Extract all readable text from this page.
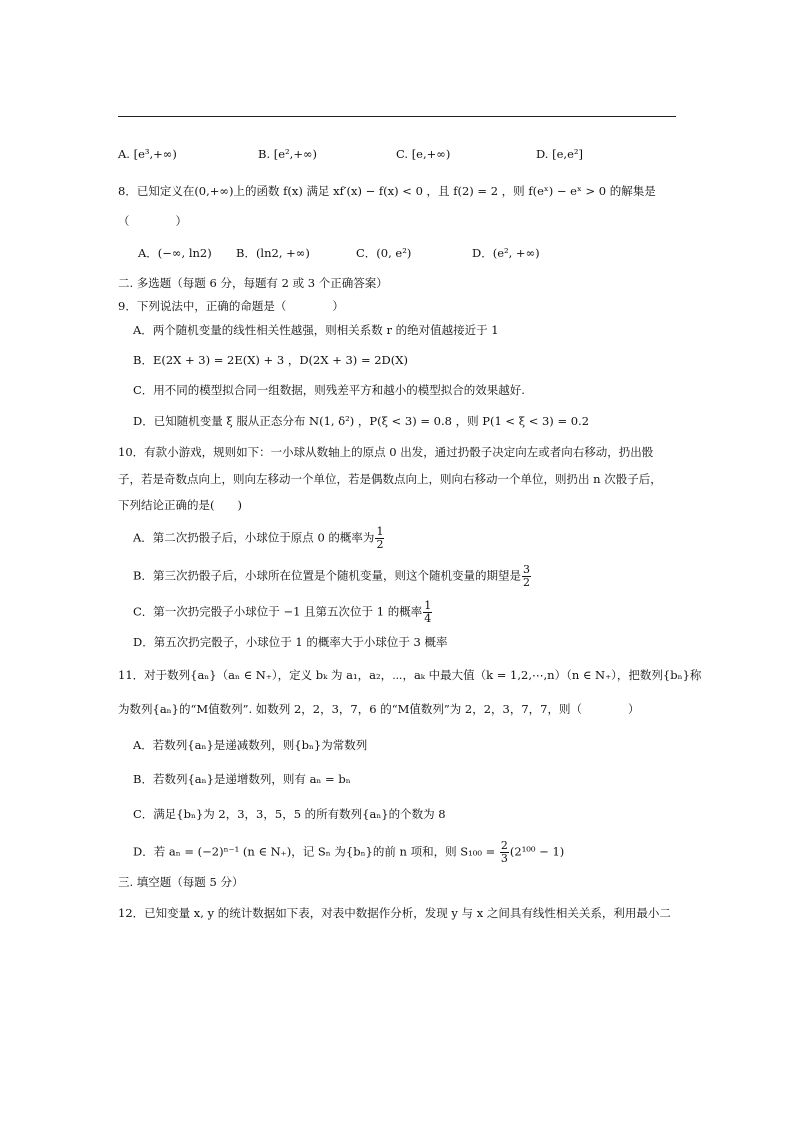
A. [e³,+∞)	B. [e²,+∞)	C. [e,+∞)	D. [e,e²]
8．已知定义在(0,+∞)上的函数 f(x) 满足 xf′(x) − f(x) < 0 ，且 f(2) = 2 ，则 f(eˣ) − eˣ > 0 的解集是
（　　　　）
A．(−∞, ln2) B．(ln2, +∞)	C．(0, e²)	D．(e², +∞)
二. 多选题（每题 6 分，每题有 2 或 3 个正确答案）
9．下列说法中，正确的命题是（　　　　）
A．两个随机变量的线性相关性越强，则相关系数 r 的绝对值越接近于 1
B．E(2X + 3) = 2E(X) + 3 ，D(2X + 3) = 2D(X)
C．用不同的模型拟合同一组数据，则残差平方和越小的模型拟合的效果越好.
D．已知随机变量 ξ 服从正态分布 N(1, δ²) ，P(ξ < 3) = 0.8 ，则 P(1 < ξ < 3) = 0.2
10．有款小游戏，规则如下：一小球从数轴上的原点 0 出发，通过扔骰子决定向左或者向右移动，扔出骰
子，若是奇数点向上，则向左移动一个单位，若是偶数点向上，则向右移动一个单位，则扔出 n 次骰子后，
下列结论正确的是(　　)
A．第二次扔骰子后，小球位于原点 0 的概率为 $\frac{1}{2}$
B．第三次扔骰子后，小球所在位置是个随机变量，则这个随机变量的期望是 $\frac{3}{2}$
C．第一次扔完骰子小球位于 −1 且第五次位于 1 的概率 $\frac{1}{4}$
D．第五次扔完骰子，小球位于 1 的概率大于小球位于 3 概率
11．对于数列{aₙ}（aₙ ∈ N₊），定义 bₖ 为 a₁，a₂，⋯，aₖ 中最大值（k = 1,2,⋯,n）（n ∈ N₊），把数列{bₙ}称
为数列{aₙ}的“M值数列”. 如数列 2，2，3，7，6 的“M值数列”为 2，2，3，7，7，则（　　　　）
A．若数列{aₙ}是递减数列，则{bₙ}为常数列
B．若数列{aₙ}是递增数列，则有 aₙ = bₙ
C．满足{bₙ}为 2，3，3，5，5 的所有数列{aₙ}的个数为 8
D．若 aₙ = (−2)ⁿ⁻¹ (n ∈ N₊)，记 Sₙ 为{bₙ}的前 n 项和，则 $S_{100} = \frac{2}{3} (2^{100} - 1)$
三. 填空题（每题 5 分）
12．已知变量 x, y 的统计数据如下表，对表中数据作分析，发现 y 与 x 之间具有线性相关关系，利用最小二
